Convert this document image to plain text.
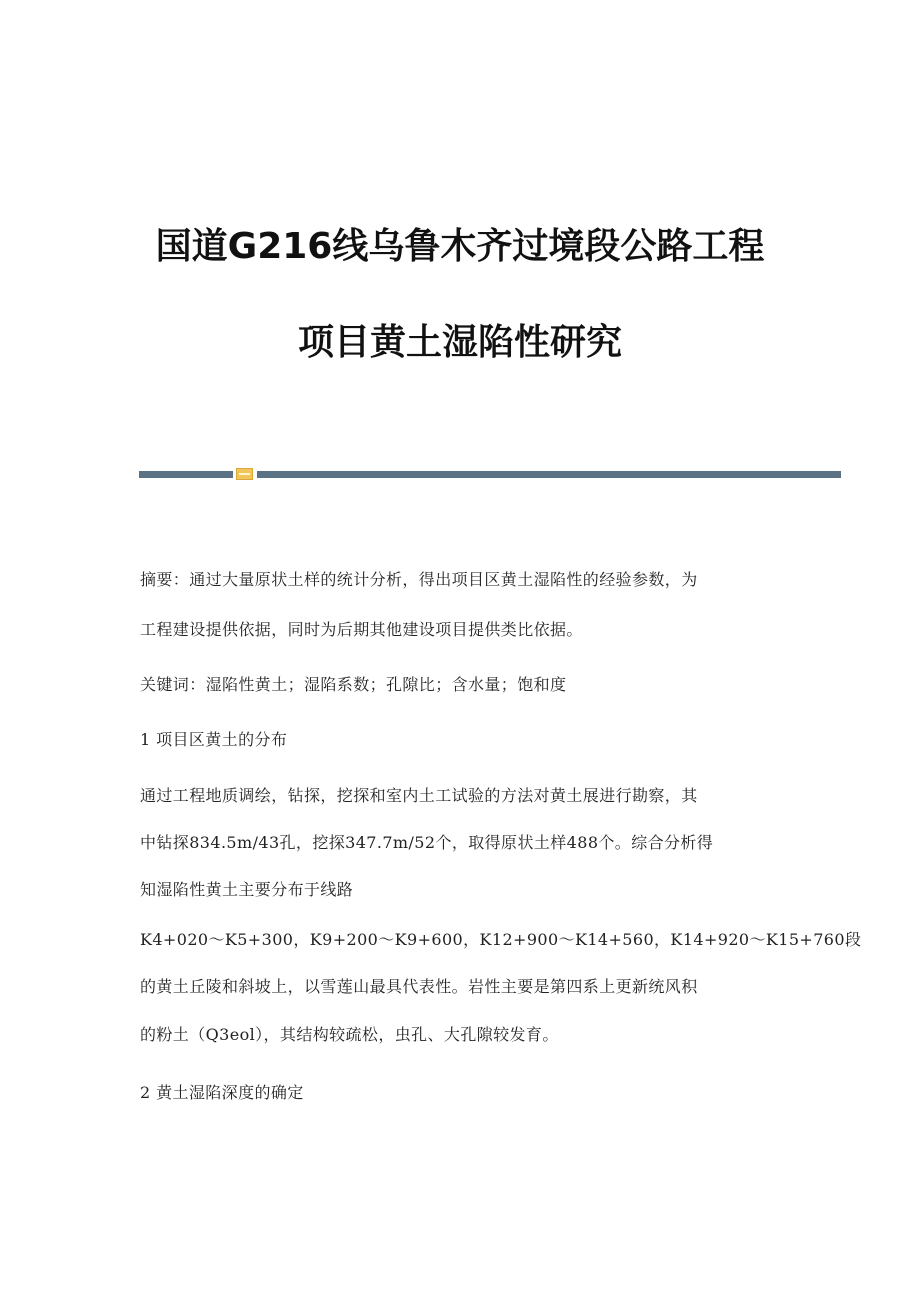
国道G216线乌鲁木齐过境段公路工程
项目黄土湿陷性研究
摘要：通过大量原状土样的统计分析，得出项目区黄土湿陷性的经验参数，为
工程建设提供依据，同时为后期其他建设项目提供类比依据。
关键词：湿陷性黄土；湿陷系数；孔隙比；含水量；饱和度
1 项目区黄土的分布
通过工程地质调绘，钻探，挖探和室内土工试验的方法对黄土展进行勘察，其
中钻探834.5m/43孔，挖探347.7m/52个，取得原状土样488个。综合分析得
知湿陷性黄土主要分布于线路
K4+020～K5+300，K9+200～K9+600，K12+900～K14+560，K14+920～K15+760段
的黄土丘陵和斜坡上，以雪莲山最具代表性。岩性主要是第四系上更新统风积
的粉土（Q3eol），其结构较疏松，虫孔、大孔隙较发育。
2 黄土湿陷深度的确定
